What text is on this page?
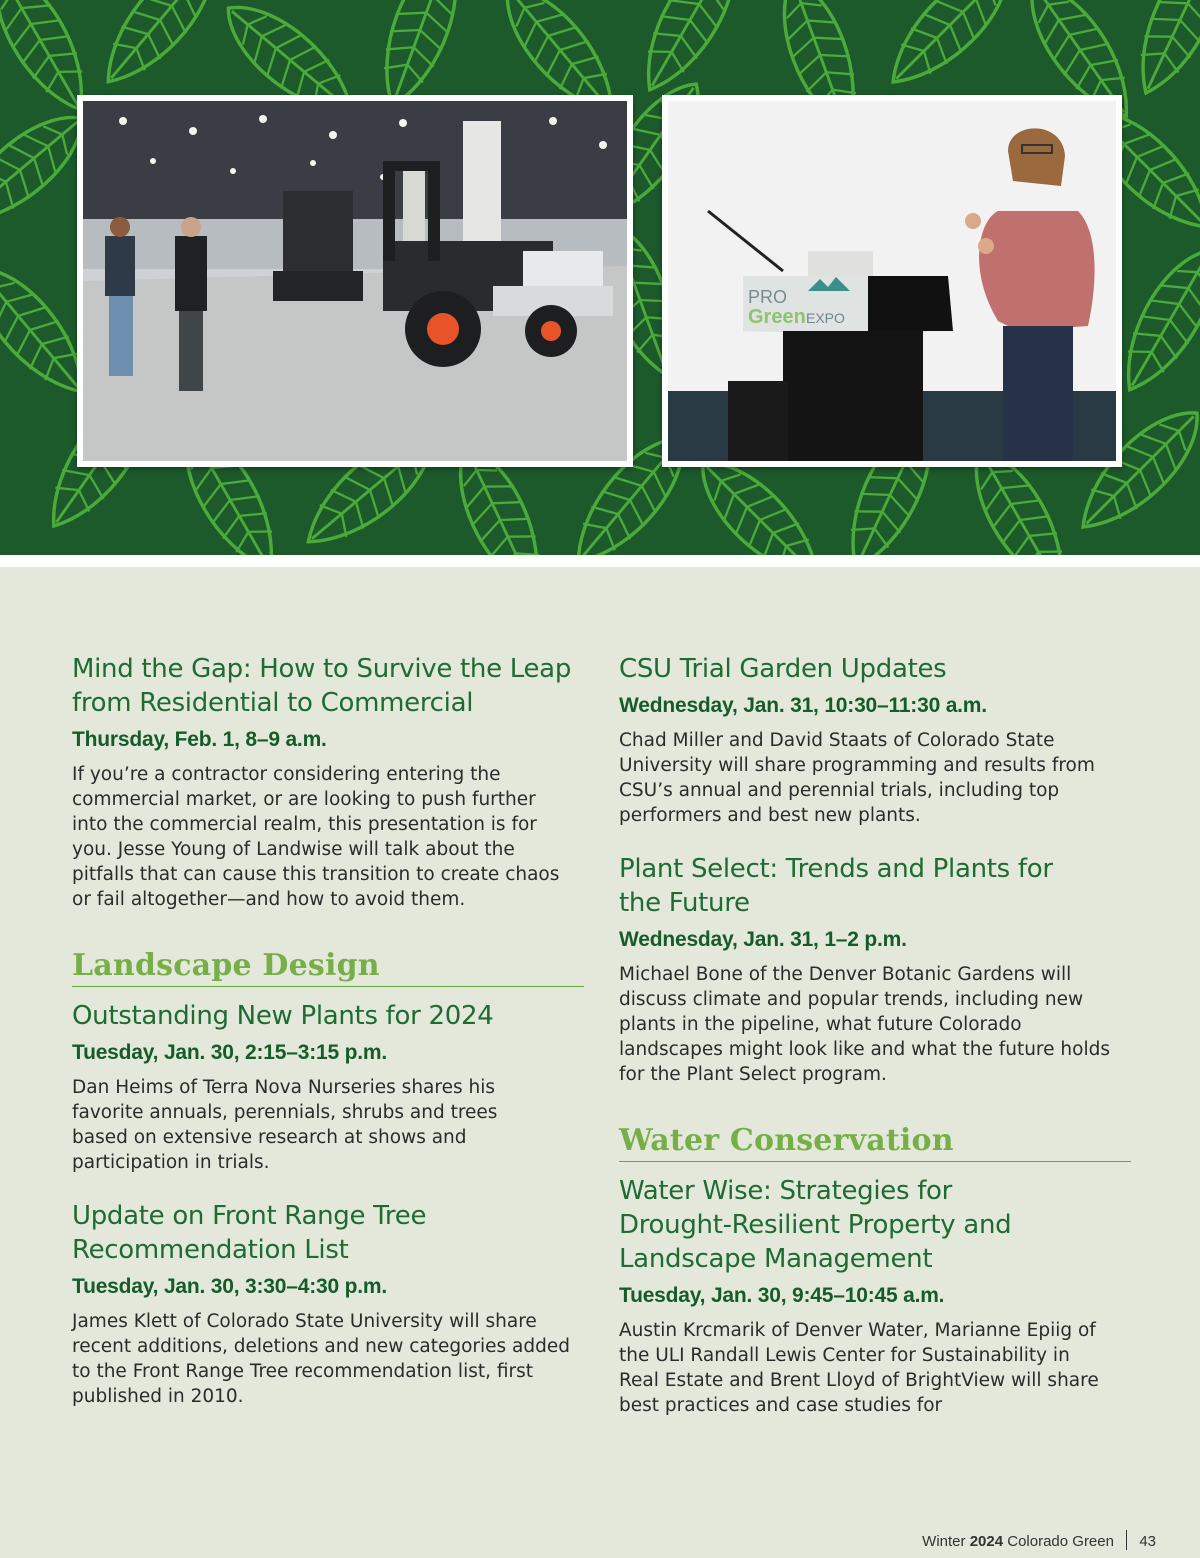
PRO
Green EXPO
Mind the Gap: How to Survive the Leap from Residential to Commercial

Thursday, Feb. 1, 8–9 a.m.

If you’re a contractor considering entering the commercial market, or are looking to push further into the commercial realm, this presentation is for you. Jesse Young of Landwise will talk about the pitfalls that can cause this transition to create chaos or fail altogether—and how to avoid them.

Landscape Design
Outstanding New Plants for 2024

Tuesday, Jan. 30, 2:15–3:15 p.m.

Dan Heims of Terra Nova Nurseries shares his favorite annuals, perennials, shrubs and trees based on extensive research at shows and participation in trials.

Update on Front Range Tree Recommendation List

Tuesday, Jan. 30, 3:30–4:30 p.m.

James Klett of Colorado State University will share recent additions, deletions and new categories added to the Front Range Tree recommendation list, first published in 2010.

CSU Trial Garden Updates

Wednesday, Jan. 31, 10:30–11:30 a.m.

Chad Miller and David Staats of Colorado State University will share programming and results from CSU’s annual and perennial trials, including top performers and best new plants.

Plant Select: Trends and Plants for the Future

Wednesday, Jan. 31, 1–2 p.m.

Michael Bone of the Denver Botanic Gardens will discuss climate and popular trends, including new plants in the pipeline, what future Colorado landscapes might look like and what the future holds for the Plant Select program.

Water Conservation
Water Wise: Strategies for Drought-Resilient Property and Landscape Management

Tuesday, Jan. 30, 9:45–10:45 a.m.

Austin Krcmarik of Denver Water, Marianne Epiig of the ULI Randall Lewis Center for Sustainability in Real Estate and Brent Lloyd of BrightView will share best practices and case studies for

Winter 2024 Colorado Green 43
